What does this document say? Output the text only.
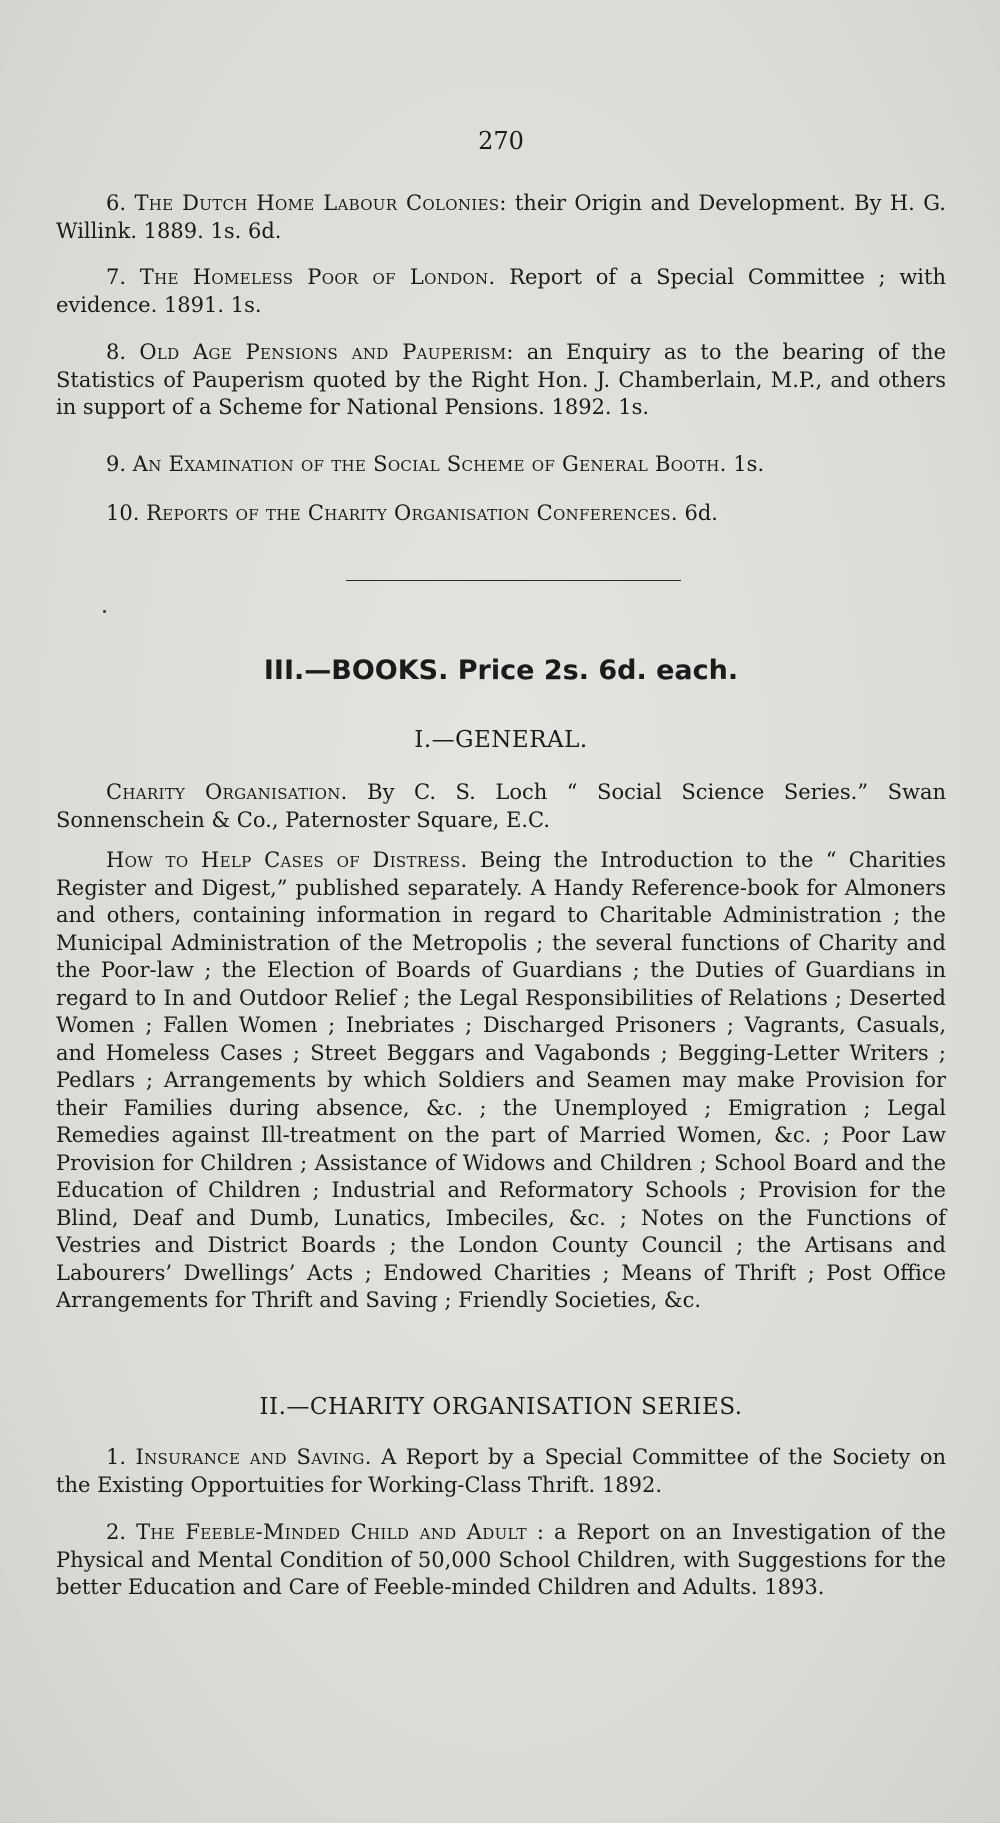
270
6. The Dutch Home Labour Colonies: their Origin and Development. By H. G. Willink. 1889. 1s. 6d.
7. The Homeless Poor of London. Report of a Special Committee ; with evidence. 1891. 1s.
8. Old Age Pensions and Pauperism: an Enquiry as to the bearing of the Statistics of Pauperism quoted by the Right Hon. J. Chamberlain, M.P., and others in support of a Scheme for National Pensions. 1892. 1s.
9. An Examination of the Social Scheme of General Booth. 1s.
10. Reports of the Charity Organisation Conferences. 6d.
III.—BOOKS. Price 2s. 6d. each.
I.—GENERAL.
Charity Organisation. By C. S. Loch “ Social Science Series.” Swan Sonnenschein & Co., Paternoster Square, E.C.
How to Help Cases of Distress. Being the Introduction to the “ Charities Register and Digest,” published separately. A Handy Reference-book for Almoners and others, containing information in regard to Charitable Administration ; the Municipal Administration of the Metropolis ; the several functions of Charity and the Poor-law ; the Election of Boards of Guardians ; the Duties of Guardians in regard to In and Outdoor Relief ; the Legal Responsibilities of Relations ; Deserted Women ; Fallen Women ; Inebriates ; Discharged Prisoners ; Vagrants, Casuals, and Homeless Cases ; Street Beggars and Vagabonds ; Begging-Letter Writers ; Pedlars ; Arrangements by which Soldiers and Seamen may make Provision for their Families during absence, &c. ; the Unemployed ; Emigration ; Legal Remedies against Ill-treatment on the part of Married Women, &c. ; Poor Law Provision for Children ; Assistance of Widows and Children ; School Board and the Education of Children ; Industrial and Reformatory Schools ; Provision for the Blind, Deaf and Dumb, Lunatics, Imbeciles, &c. ; Notes on the Functions of Vestries and District Boards ; the London County Council ; the Artisans and Labourers’ Dwellings’ Acts ; Endowed Charities ; Means of Thrift ; Post Office Arrangements for Thrift and Saving ; Friendly Societies, &c.
II.—CHARITY ORGANISATION SERIES.
1. Insurance and Saving. A Report by a Special Committee of the Society on the Existing Opportuities for Working-Class Thrift. 1892.
2. The Feeble-Minded Child and Adult : a Report on an Investigation of the Physical and Mental Condition of 50,000 School Children, with Suggestions for the better Education and Care of Feeble-minded Children and Adults. 1893.
